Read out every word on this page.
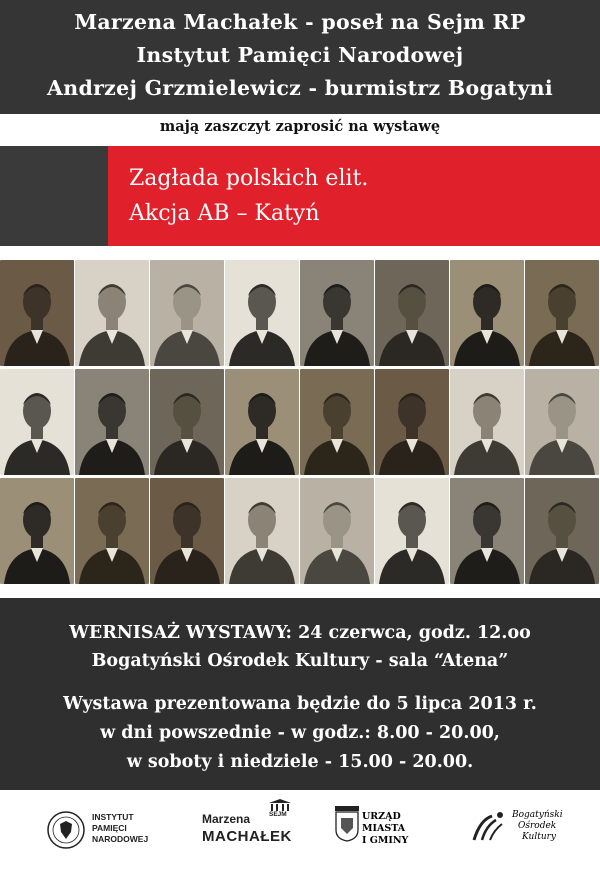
Marzena Machałek - poseł na Sejm RP
Instytut Pamięci Narodowej
Andrzej Grzmielewicz - burmistrz Bogatyni
mają zaszczyt zaprosić na wystawę
Zagłada polskich elit.
Akcja AB – Katyń
WERNISAŻ WYSTAWY: 24 czerwca, godz. 12.oo
Bogatyński Ośrodek Kultury - sala “Atena”
Wystawa prezentowana będzie do 5 lipca 2013 r.
w dni powszednie - w godz.: 8.00 - 20.00,
w soboty i niedziele - 15.00 - 20.00.
INSTYTUT
PAMIĘCI
NARODOWEJ
Marzena
MACHAŁEK
SEJM	URZĄD
MIASTA
I GMINY
Bogatyński
Ośrodek
Kultury
